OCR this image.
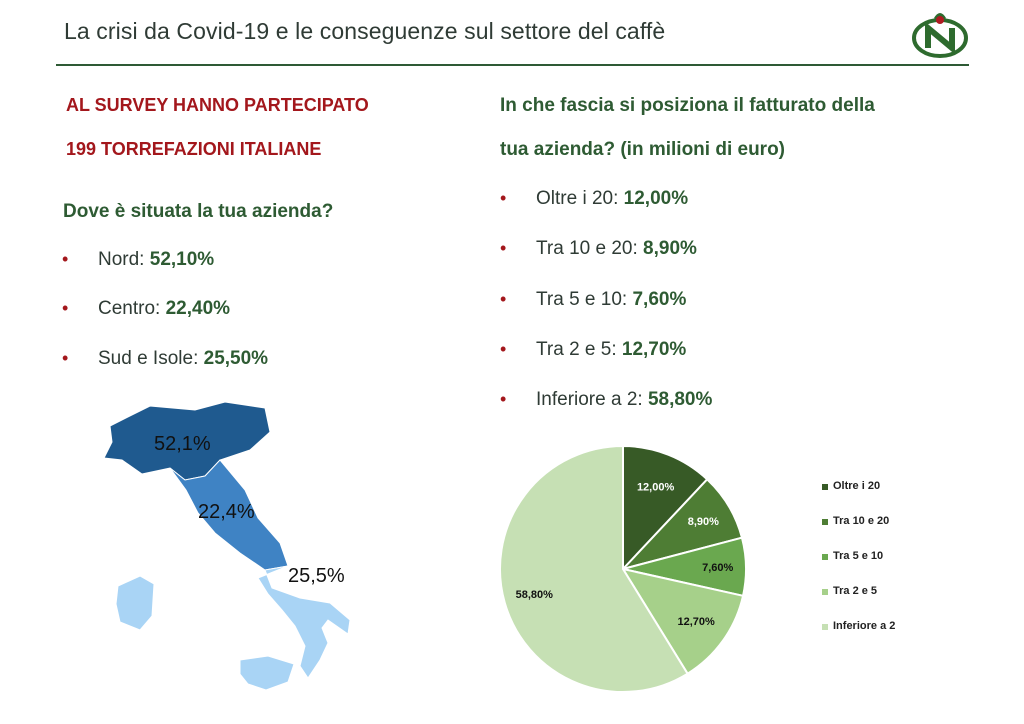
La crisi da Covid-19 e le conseguenze sul settore del caffè
AL SURVEY HANNO PARTECIPATO
199 TORREFAZIONI ITALIANE
Dove è situata la tua azienda?
• Nord: 52,10%
• Centro: 22,40%
• Sud e Isole: 25,50%
52,1%
22,4%
25,5%
In che fascia si posiziona il fatturato della
tua azienda? (in milioni di euro)
• Oltre i 20: 12,00%
• Tra 10 e 20: 8,90%
• Tra 5 e 10: 7,60%
• Tra 2 e 5: 12,70%
• Inferiore a 2: 58,80%
12,00%
8,90%
7,60%
12,70%
58,80%
Oltre i 20
Tra 10 e 20
Tra 5 e 10
Tra 2 e 5
Inferiore a 2
